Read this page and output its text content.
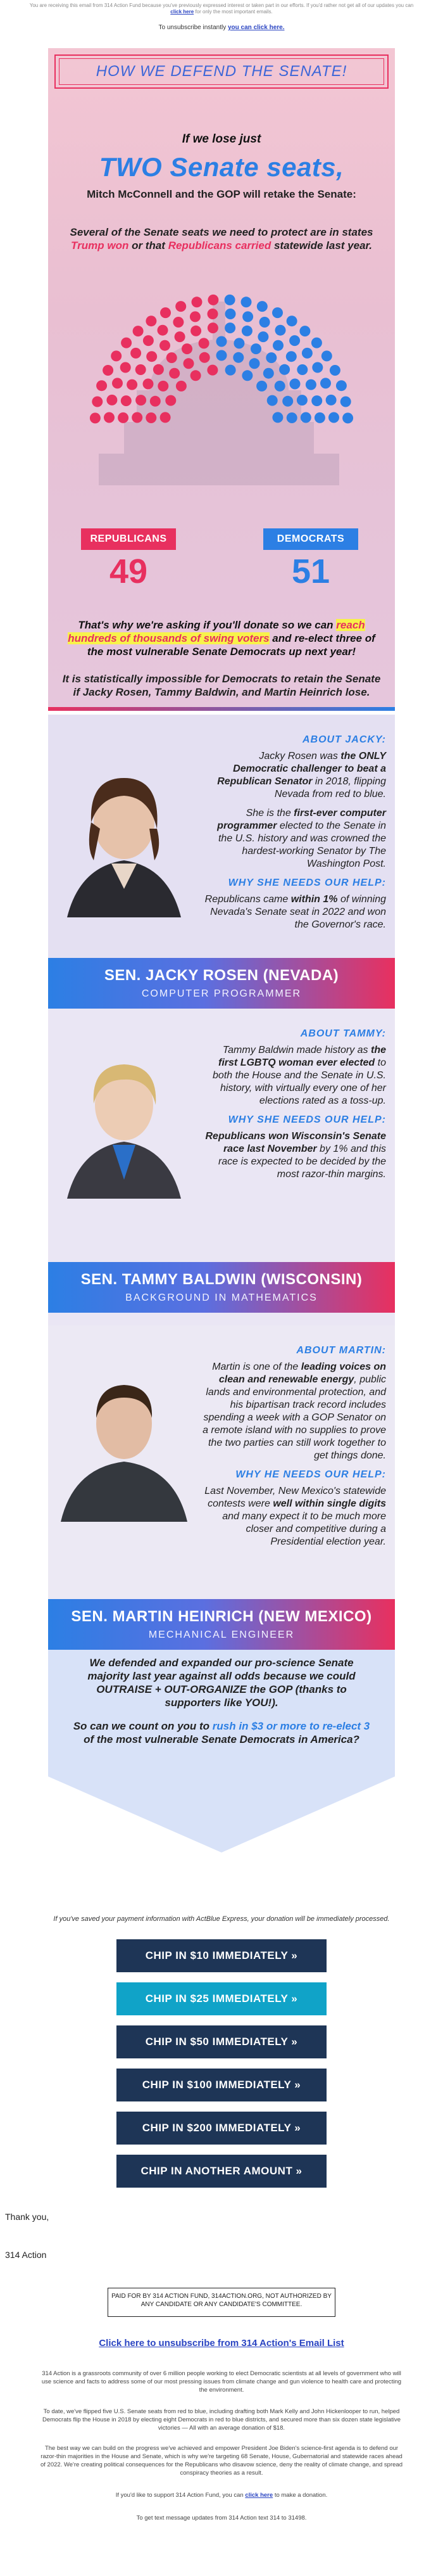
You are receiving this email from 314 Action Fund because you've previously expressed interest or taken part in our efforts. If you'd rather not get all of our updates you can click here for only the most important emails.
To unsubscribe instantly you can click here.
HOW WE DEFEND THE SENATE!
If we lose just
TWO Senate seats,
Mitch McConnell and the GOP will retake the Senate:
Several of the Senate seats we need to protect are in states Trump won or that Republicans carried statewide last year.
REPUBLICANS	DEMOCRATS
49	51
That's why we're asking if you'll donate so we can reach hundreds of thousands of swing voters and re-elect three of the most vulnerable Senate Democrats up next year!
It is statistically impossible for Democrats to retain the Senate if Jacky Rosen, Tammy Baldwin, and Martin Heinrich lose.
ABOUT JACKY:

Jacky Rosen was the ONLY Democratic challenger to beat a Republican Senator in 2018, flipping Nevada from red to blue.

She is the first-ever computer programmer elected to the Senate in the U.S. history and was crowned the hardest-working Senator by The Washington Post.

WHY SHE NEEDS OUR HELP:

Republicans came within 1% of winning Nevada's Senate seat in 2022 and won the Governor's race.

SEN. JACKY ROSEN (NEVADA)
COMPUTER PROGRAMMER
ABOUT TAMMY:

Tammy Baldwin made history as the first LGBTQ woman ever elected to both the House and the Senate in U.S. history, with virtually every one of her elections rated as a toss-up.

WHY SHE NEEDS OUR HELP:

Republicans won Wisconsin's Senate race last November by 1% and this race is expected to be decided by the most razor-thin margins.

SEN. TAMMY BALDWIN (WISCONSIN)
BACKGROUND IN MATHEMATICS
ABOUT MARTIN:

Martin is one of the leading voices on clean and renewable energy, public lands and environmental protection, and his bipartisan track record includes spending a week with a GOP Senator on a remote island with no supplies to prove the two parties can still work together to get things done.

WHY HE NEEDS OUR HELP:

Last November, New Mexico's statewide contests were well within single digits and many expect it to be much more closer and competitive during a Presidential election year.

SEN. MARTIN HEINRICH (NEW MEXICO)
MECHANICAL ENGINEER
We defended and expanded our pro-science Senate majority last year against all odds because we could OUTRAISE + OUT-ORGANIZE the GOP (thanks to supporters like YOU!).
So can we count on you to rush in $3 or more to re-elect 3 of the most vulnerable Senate Democrats in America?
If you've saved your payment information with ActBlue Express, your donation will be immediately processed.
CHIP IN $10 IMMEDIATELY »
CHIP IN $25 IMMEDIATELY »
CHIP IN $50 IMMEDIATELY »
CHIP IN $100 IMMEDIATELY »
CHIP IN $200 IMMEDIATELY »
CHIP IN ANOTHER AMOUNT »
Thank you,
314 Action
PAID FOR BY 314 ACTION FUND, 314ACTION.ORG, NOT AUTHORIZED BY ANY CANDIDATE OR ANY CANDIDATE'S COMMITTEE.
Click here to unsubscribe from 314 Action's Email List
314 Action is a grassroots community of over 6 million people working to elect Democratic scientists at all levels of government who will use science and facts to address some of our most pressing issues from climate change and gun violence to health care and protecting the environment.
To date, we've flipped five U.S. Senate seats from red to blue, including drafting both Mark Kelly and John Hickenlooper to run, helped Democrats flip the House in 2018 by electing eight Democrats in red to blue districts, and secured more than six dozen state legislative victories — All with an average donation of $18.
The best way we can build on the progress we've achieved and empower President Joe Biden's science-first agenda is to defend our razor-thin majorities in the House and Senate, which is why we're targeting 68 Senate, House, Gubernatorial and statewide races ahead of 2022. We're creating political consequences for the Republicans who disavow science, deny the reality of climate change, and spread conspiracy theories as a result.
If you'd like to support 314 Action Fund, you can click here to make a donation.
To get text message updates from 314 Action text 314 to 31498.
